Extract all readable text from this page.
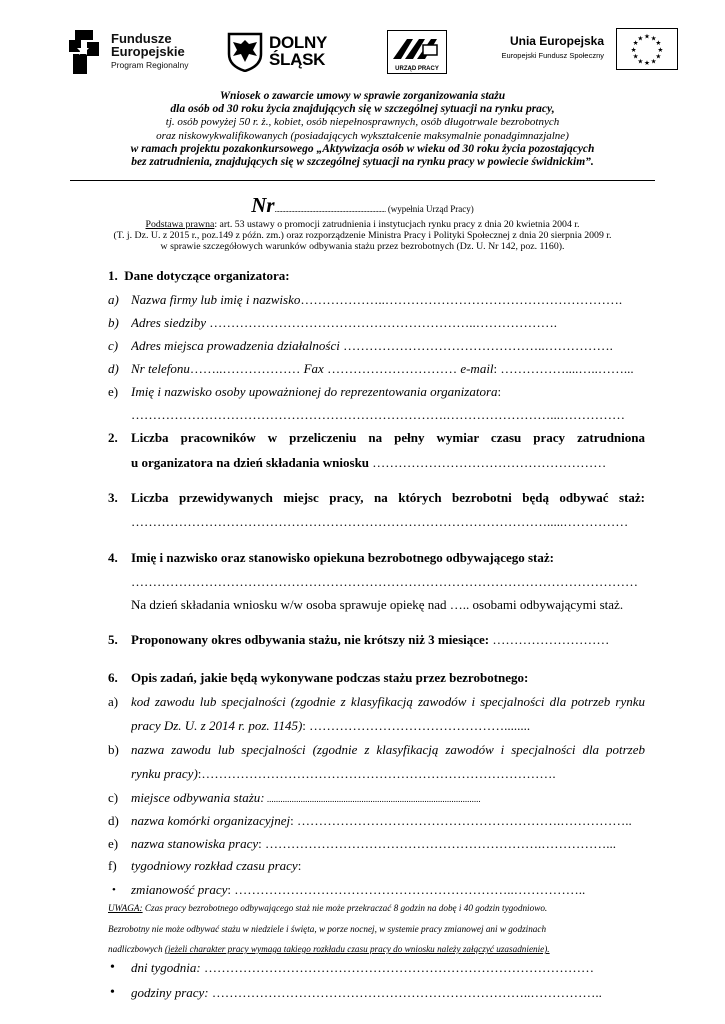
Fundusze
Europejskie
Program Regionalny
DOLNY
ŚLĄSK	URZĄD PRACY
Unia Europejska
Europejski Fundusz Społeczny
★ ★
★
★
★
★
★
★
★
★
★
★
Wniosek o zawarcie umowy w sprawie zorganizowania stażu
dla osób od 30 roku życia znajdujących się w szczególnej sytuacji na rynku pracy,
tj. osób powyżej 50 r. ż., kobiet, osób niepełnosprawnych, osób długotrwale bezrobotnych
oraz niskowykwalifikowanych (posiadających wykształcenie maksymalnie ponadgimnazjalne)
w ramach projektu pozakonkursowego „Aktywizacja osób w wieku od 30 roku życia pozostających
bez zatrudnienia, znajdujących się w szczególnej sytuacji na rynku pracy w powiecie świdnickim”.
Nr.......................................................................... (wypełnia Urząd Pracy)
Podstawa prawna: art. 53 ustawy o promocji zatrudnienia i instytucjach rynku pracy z dnia 20 kwietnia 2004 r.
(T. j. Dz. U. z 2015 r., poz.149 z późn. zm.) oraz rozporządzenie Ministra Pracy i Polityki Społecznej z dnia 20 sierpnia 2009 r.
w sprawie szczegółowych warunków odbywania stażu przez bezrobotnych (Dz. U. Nr 142, poz. 1160).
1. Dane dotyczące organizatora:
a) Nazwa firmy lub imię i nazwisko………………..……………………………………………….
b) Adres siedziby ……………………………………………………..……………….
c) Adres miejsca prowadzenia działalności ………………………………………..…………….
d) Nr telefonu……..……………… Fax ………………………… e-mail: ……………....…..……...
e) Imię i nazwisko osoby upoważnionej do reprezentowania organizatora:
……………………………………………………………….……………………...……………
2.	Liczba pracowników w przeliczeniu na pełny wymiar czasu pracy zatrudniona
u organizatora na dzień składania wniosku ………………………………………………
3.	Liczba przewidywanych miejsc pracy, na których bezrobotni będą odbywać staż:
…………………………………………………………………………………….....……………
4.	Imię i nazwisko oraz stanowisko opiekuna bezrobotnego odbywającego staż:
………………………………………………………………………………………………………
Na dzień składania wniosku w/w osoba sprawuje opiekę nad ….. osobami odbywającymi staż.
5.	Proponowany okres odbywania stażu, nie krótszy niż 3 miesiące: ………………………
6.	Opis zadań, jakie będą wykonywane podczas stażu przez bezrobotnego:
a) kod zawodu lub specjalności (zgodnie z klasyfikacją zawodów i specjalności dla potrzeb rynku
pracy Dz. U. z 2014 r. poz. 1145): ………………………………………........
b) nazwa zawodu lub specjalności (zgodnie z klasyfikacją zawodów i specjalności dla potrzeb
rynku pracy):……………………………………………………………………….
c) miejsce odbywania stażu: ...............................................................................................
d) nazwa komórki organizacyjnej: …………………………………………………….……………..
e) nazwa stanowiska pracy: ……………………………………………………….……………...
f)	tygodniowy rozkład czasu pracy:
• zmianowość pracy: ………………………………………………………..……………..
UWAGA: Czas pracy bezrobotnego odbywającego staż nie może przekraczać 8 godzin na dobę i 40 godzin tygodniowo.
Bezrobotny nie może odbywać stażu w niedziele i święta, w porze nocnej, w systemie pracy zmianowej ani w godzinach
nadliczbowych (jeżeli charakter pracy wymaga takiego rozkładu czasu pracy do wniosku należy załączyć uzasadnienie).
• dni tygodnia: ………………………………………………………………………………
• godziny pracy: ………………………………………………………………..……………..
